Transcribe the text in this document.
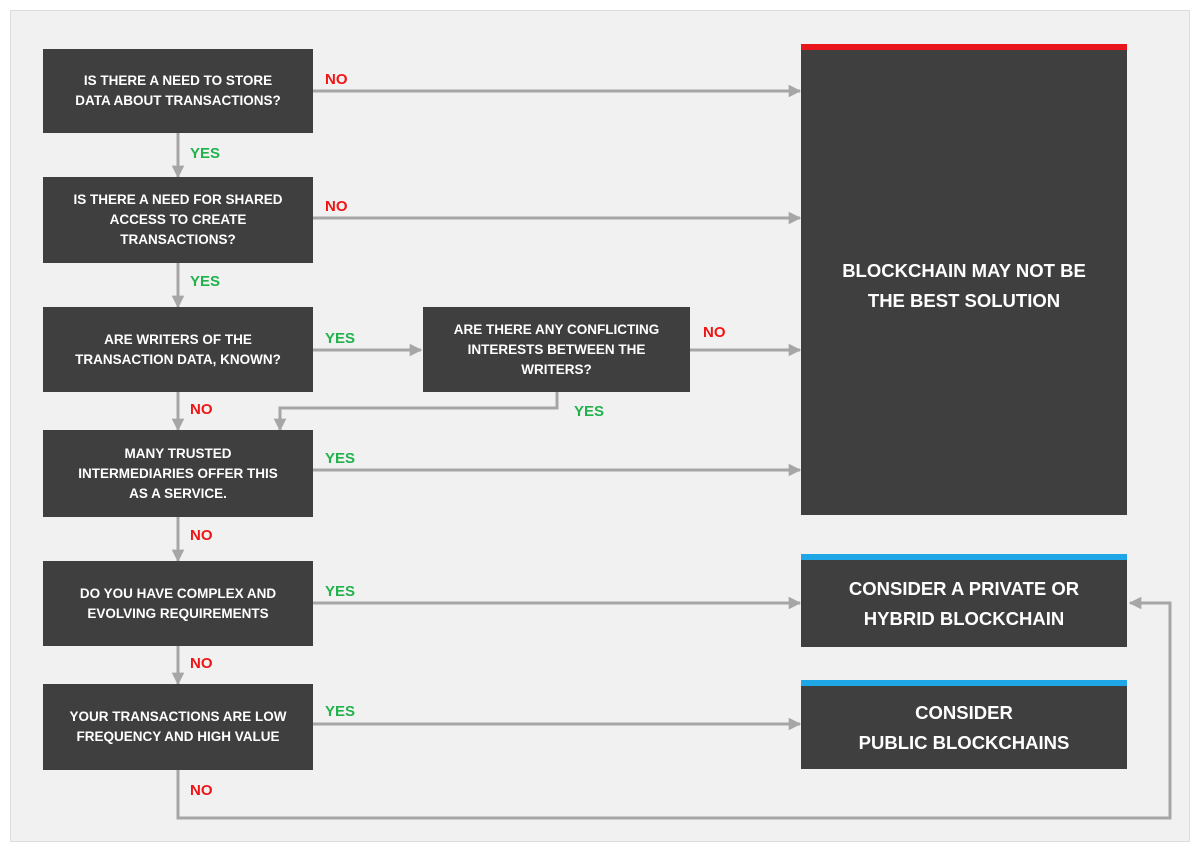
IS THERE A NEED TO STORE
DATA ABOUT TRANSACTIONS?
IS THERE A NEED FOR SHARED
ACCESS TO CREATE
TRANSACTIONS?
ARE WRITERS OF THE
TRANSACTION DATA, KNOWN?
ARE THERE ANY CONFLICTING
INTERESTS BETWEEN THE
WRITERS?
MANY TRUSTED
INTERMEDIARIES OFFER THIS
AS A SERVICE.
DO YOU HAVE COMPLEX AND
EVOLVING REQUIREMENTS
YOUR TRANSACTIONS ARE LOW
FREQUENCY AND HIGH VALUE
BLOCKCHAIN MAY NOT BE
THE BEST SOLUTION
CONSIDER A PRIVATE OR
HYBRID BLOCKCHAIN
CONSIDER
PUBLIC BLOCKCHAINS
NO
YES
NO
YES
YES	NO
NO	YES
YES
NO
YES
NO
YES
NO
